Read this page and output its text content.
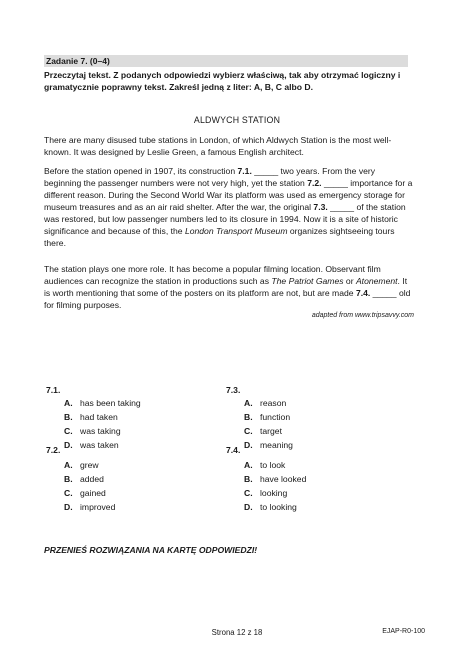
Zadanie 7. (0–4)
Przeczytaj tekst. Z podanych odpowiedzi wybierz właściwą, tak aby otrzymać logiczny i gramatycznie poprawny tekst. Zakreśl jedną z liter: A, B, C albo D.
ALDWYCH STATION

There are many disused tube stations in London, of which Aldwych Station is the most well-known. It was designed by Leslie Green, a famous English architect.

Before the station opened in 1907, its construction 7.1. _____ two years. From the very beginning the passenger numbers were not very high, yet the station 7.2. _____ importance for a different reason. During the Second World War its platform was used as emergency storage for museum treasures and as an air raid shelter. After the war, the original 7.3. _____ of the station was restored, but low passenger numbers led to its closure in 1994. Now it is a site of historic significance and because of this, the London Transport Museum organizes sightseeing tours there.

The station plays one more role. It has become a popular filming location. Observant film audiences can recognize the station in productions such as The Patriot Games or Atonement. It is worth mentioning that some of the posters on its platform are not, but are made 7.4. _____ old for filming purposes.

adapted from www.tripsavvy.com
7.1.
A. has been taking
B. had taken
C. was taking
D. was taken
7.3.
A. reason
B. function
C. target
D. meaning
7.2.
A. grew
B. added
C. gained
D. improved
7.4.
A. to look
B. have looked
C. looking
D. to looking
PRZENIEŚ ROZWIĄZANIA NA KARTĘ ODPOWIEDZI!
Strona 12 z 18	EJAP-R0-100
